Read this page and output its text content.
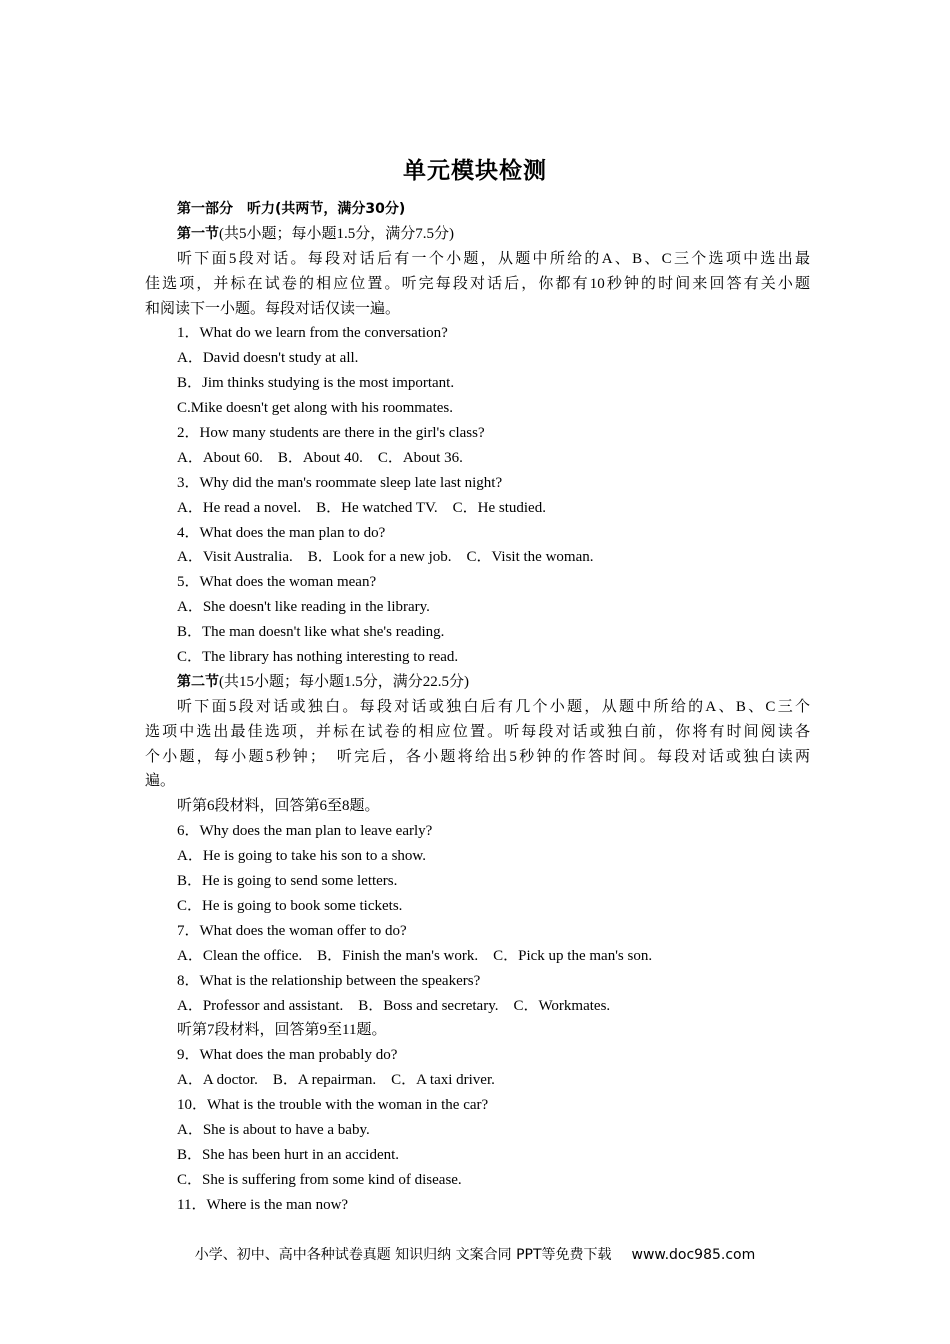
单元模块检测
第一部分　听力(共两节，满分30分)
第一节(共5小题；每小题1.5分，满分7.5分)
听下面5段对话。每段对话后有一个小题，从题中所给的A、B、C三个选项中选出最
佳选项，并标在试卷的相应位置。听完每段对话后，你都有10秒钟的时间来回答有关小题
和阅读下一小题。每段对话仅读一遍。
1．What do we learn from the conversation?
A．David doesn't study at all.
B．Jim thinks studying is the most important.
C.Mike doesn't get along with his roommates.
2．How many students are there in the girl's class?
A．About 60.　B．About 40.　C．About 36.
3．Why did the man's roommate sleep late last night?
A．He read a novel.　B．He watched TV.　C．He studied.
4．What does the man plan to do?
A．Visit Australia.　B．Look for a new job.　C．Visit the woman.
5．What does the woman mean?
A．She doesn't like reading in the library.
B．The man doesn't like what she's reading.
C．The library has nothing interesting to read.
第二节(共15小题；每小题1.5分，满分22.5分)
听下面5段对话或独白。每段对话或独白后有几个小题，从题中所给的A、B、C三个
选项中选出最佳选项，并标在试卷的相应位置。听每段对话或独白前，你将有时间阅读各
个小题，每小题5秒钟；　听完后，各小题将给出5秒钟的作答时间。每段对话或独白读两
遍。
听第6段材料，回答第6至8题。
6．Why does the man plan to leave early?
A．He is going to take his son to a show.
B．He is going to send some letters.
C．He is going to book some tickets.
7．What does the woman offer to do?
A．Clean the office.　B．Finish the man's work.　C．Pick up the man's son.
8．What is the relationship between the speakers?
A．Professor and assistant.　B．Boss and secretary.　C．Workmates.
听第7段材料，回答第9至11题。
9．What does the man probably do?
A．A doctor.　B．A repairman.　C．A taxi driver.
10．What is the trouble with the woman in the car?
A．She is about to have a baby.
B．She has been hurt in an accident.
C．She is suffering from some kind of disease.
11．Where is the man now?
小学、初中、高中各种试卷真题 知识归纳 文案合同 PPT等免费下载 www.doc985.com
